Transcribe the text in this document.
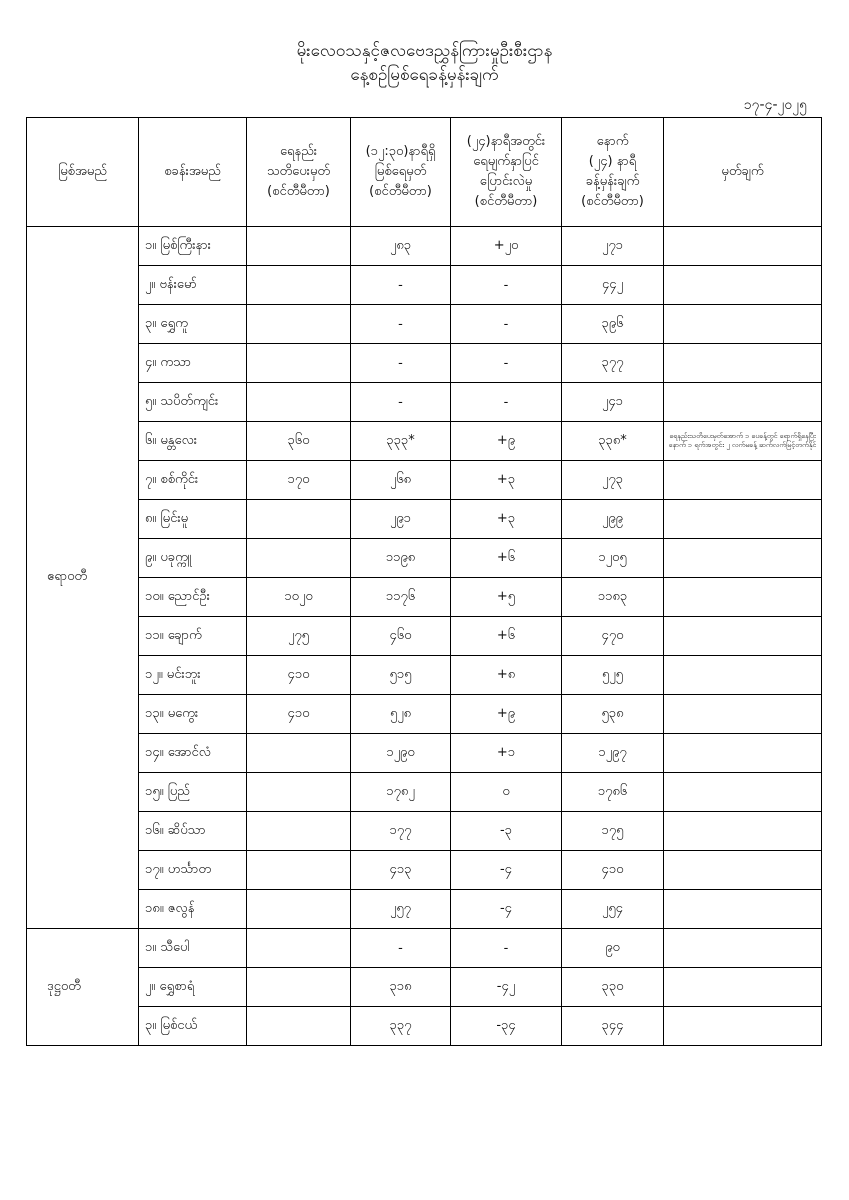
မိုးလေဝသနှင့်ဇလဗေဒညွှန်ကြားမှုဦးစီးဌာန
နေ့စဉ်မြစ်ရေခန့်မှန်းချက်
၁၇-၄-၂၀၂၅
မြစ်အမည်	စခန်းအမည်	ရေနည်း
သတိပေးမှတ်
(စင်တီမီတာ)	(၁၂:၃၀)နာရီရှိ
မြစ်ရေမှတ်
(စင်တီမီတာ)	(၂၄)နာရီအတွင်း
ရေမျက်နှာပြင်
ပြောင်းလဲမှု
(စင်တီမီတာ)	နောက်
(၂၄) နာရီ
ခန့်မှန်းချက်
(စင်တီမီတာ)	မှတ်ချက်
ဧရာဝတီ	၁။ မြစ်ကြီးနား		၂၈၃	+၂၀	၂၇၁	
	၂။ ဗန်းမော်		-	-	၄၄၂	
	၃။ ရွှေကူ		-	-	၃၉၆	
	၄။ ကသာ		-	-	၃၇၇	
	၅။ သပိတ်ကျင်း		-	-	၂၄၁	
	၆။ မန္တလေး	၃၆၀	၃၃၃*	+၉	၃၃၈*	ရေနည်းသတိပေးမှတ်အောက် ၁ ပေခန့်တွင် ရောက်ရှိနေပြီး နောက် ၁ ရက်အတွင်း ၂ လက်မခန့် ဆက်လက်မြင့်တက်နိုင်
	၇။ စစ်ကိုင်း	၁၇၀	၂၆၈	+၃	၂၇၃	
	၈။ မြင်းမူ		၂၉၁	+၃	၂၉၉	
	၉။ ပခုက္ကူ		၁၁၉၈	+၆	၁၂၀၅	
	၁၀။ ညောင်ဦး	၁၀၂၀	၁၁၇၆	+၅	၁၁၈၃	
	၁၁။ ချောက်	၂၇၅	၄၆၀	+၆	၄၇၀	
	၁၂။ မင်းဘူး	၄၁၀	၅၁၅	+၈	၅၂၅	
	၁၃။ မကွေး	၄၁၀	၅၂၈	+၉	၅၃၈	
	၁၄။ အောင်လံ		၁၂၉၀	+၁	၁၂၉၇	
	၁၅။ ပြည်		၁၇၈၂	၀	၁၇၈၆	
	၁၆။ ဆိပ်သာ		၁၇၇	-၃	၁၇၅	
	၁၇။ ဟင်္သာတ		၄၁၃	-၄	၄၁၀	
	၁၈။ ဇလွန်		၂၅၇	-၄	၂၅၄	
ဒုဋ္ဌဝတီ	၁။ သီပေါ		-	-	၉၀	
	၂။ ရွှေစာရံ		၃၁၈	-၄၂	၃၃၀	
	၃။ မြစ်ငယ်		၃၃၇	-၃၄	၃၄၄	
